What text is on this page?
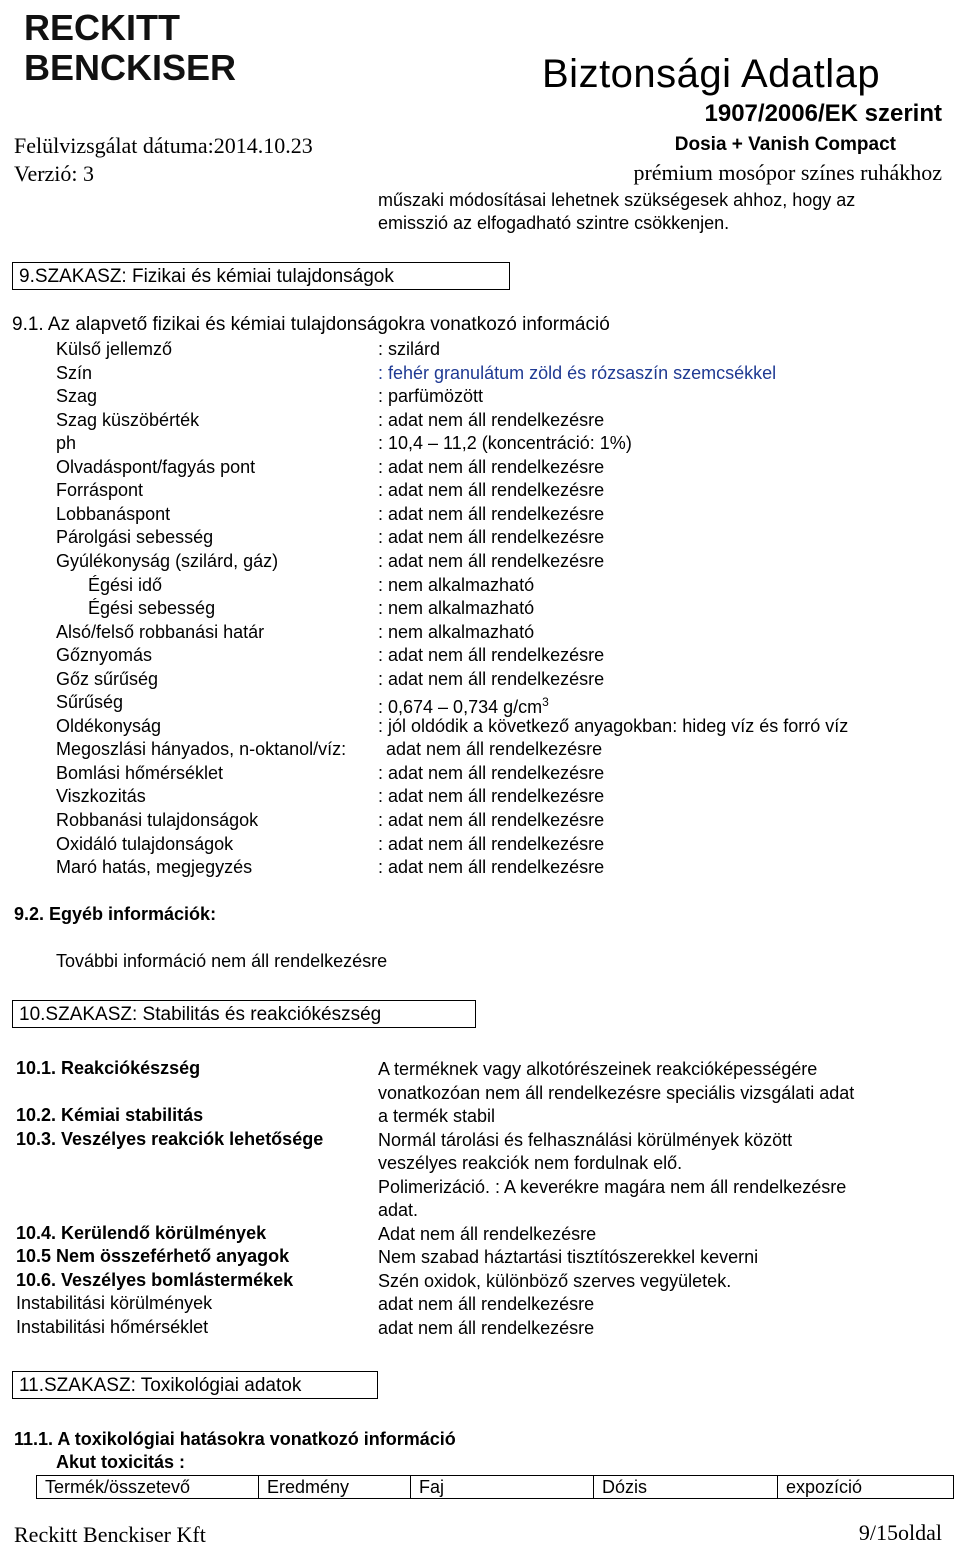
RECKITT
BENCKISER	Biztonsági Adatlap
1907/2006/EK szerint
Felülvizsgálat dátuma:2014.10.23
Verzió: 3
Dosia + Vanish Compact
prémium mosópor színes ruhákhoz
műszaki módosításai lehetnek szükségesek ahhoz, hogy az
emisszió az elfogadható szintre csökkenjen.
9.SZAKASZ: Fizikai és kémiai tulajdonságok
9.1. Az alapvető fizikai és kémiai tulajdonságokra vonatkozó információ
Külső jellemző	: szilárd
Szín	: fehér granulátum zöld és rózsaszín szemcsékkel
Szag	: parfümözött
Szag küszöbérték	: adat nem áll rendelkezésre
ph	: 10,4 – 11,2 (koncentráció: 1%)
Olvadáspont/fagyás pont	: adat nem áll rendelkezésre
Forráspont	: adat nem áll rendelkezésre
Lobbanáspont	: adat nem áll rendelkezésre
Párolgási sebesség	: adat nem áll rendelkezésre
Gyúlékonyság (szilárd, gáz)	: adat nem áll rendelkezésre
Égési idő	: nem alkalmazható
Égési sebesség	: nem alkalmazható
Alsó/felső robbanási határ	: nem alkalmazható
Gőznyomás	: adat nem áll rendelkezésre
Gőz sűrűség	: adat nem áll rendelkezésre
Sűrűség	: 0,674 – 0,734 $g/cm^3$
Oldékonyság	: jól oldódik a következő anyagokban: hideg víz és forró víz
Megoszlási hányados, n-oktanol/víz: adat nem áll rendelkezésre
Bomlási hőmérséklet	: adat nem áll rendelkezésre
Viszkozitás	: adat nem áll rendelkezésre
Robbanási tulajdonságok	: adat nem áll rendelkezésre
Oxidáló tulajdonságok	: adat nem áll rendelkezésre
Maró hatás, megjegyzés	: adat nem áll rendelkezésre
9.2. Egyéb információk:
További információ nem áll rendelkezésre
10.SZAKASZ: Stabilitás és reakciókészség
10.1. Reakciókészség	A terméknek vagy alkotórészeinek reakcióképességére
vonatkozóan nem áll rendelkezésre speciális vizsgálati adat
10.2. Kémiai stabilitás	a termék stabil
10.3. Veszélyes reakciók lehetősége	Normál tárolási és felhasználási körülmények között
veszélyes reakciók nem fordulnak elő.
Polimerizáció. : A keverékre magára nem áll rendelkezésre
adat.
10.4. Kerülendő körülmények	Adat nem áll rendelkezésre
10.5 Nem összeférhető anyagok	Nem szabad háztartási tisztítószerekkel keverni
10.6. Veszélyes bomlástermékek	Szén oxidok, különböző szerves vegyületek.
Instabilitási körülmények	adat nem áll rendelkezésre
Instabilitási hőmérséklet	adat nem áll rendelkezésre
11.SZAKASZ: Toxikológiai adatok
11.1. A toxikológiai hatásokra vonatkozó információ
Akut toxicitás :
Termék/összetevő	Eredmény	Faj	Dózis	expozíció
Reckitt Benckiser Kft	9/15oldal
